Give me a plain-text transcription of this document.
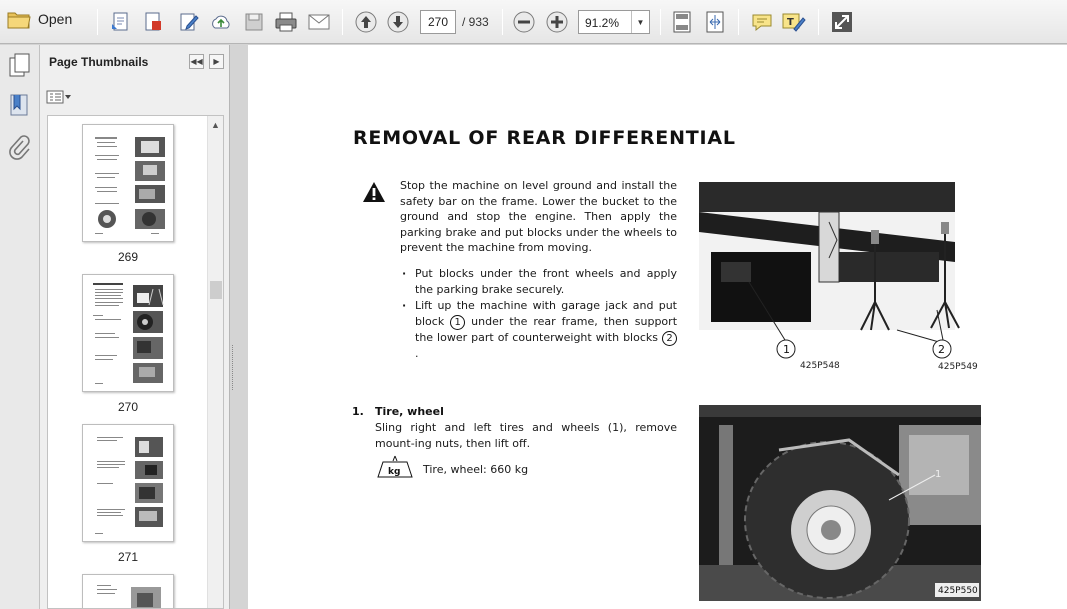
Open	270	/ 933	91.2%	▼	T
Page Thumbnails	◀◀	▶
269
270
271
▲
REMOVAL OF REAR DIFFERENTIAL
Stop the machine on level ground and install the safety bar on the frame. Lower the bucket to the ground and stop the engine. Then apply the parking brake and put blocks under the wheels to prevent the machine from moving.
· Put blocks under the front wheels and apply the parking brake securely.
· Lift up the machine with garage jack and put block 1 under the rear frame, then support the lower part of counterweight with blocks 2 .	1	2
425P548	425P549
1. Tire, wheel
Sling right and left tires and wheels (1), remove mount-ing nuts, then lift off.
kg Tire, wheel: 660 kg	1
425P550
